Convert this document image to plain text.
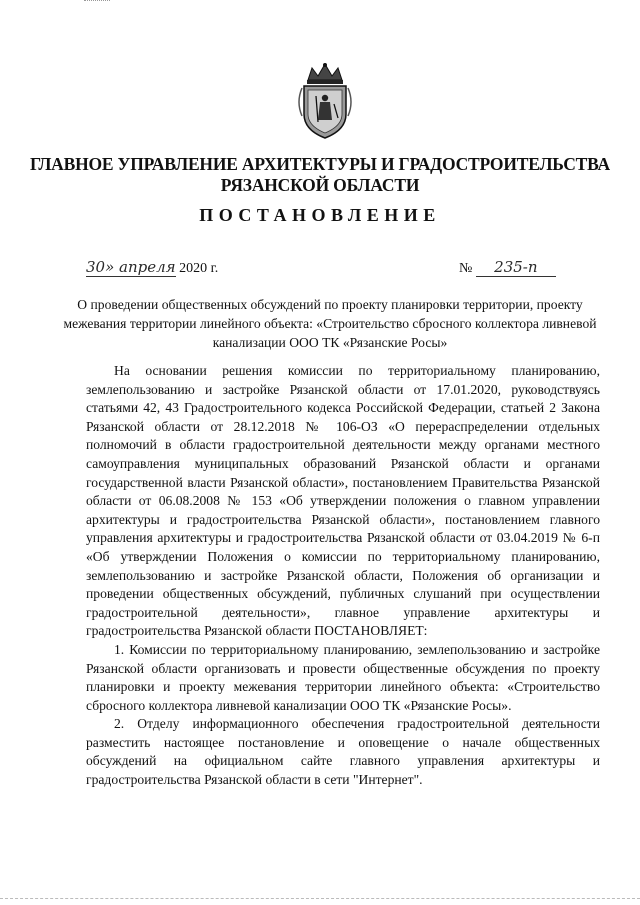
ГЛАВНОЕ УПРАВЛЕНИЕ АРХИТЕКТУРЫ И ГРАДОСТРОИТЕЛЬСТВА
РЯЗАНСКОЙ ОБЛАСТИ
ПОСТАНОВЛЕНИЕ
30» апреля 2020 г.	№ 235-п
О проведении общественных обсуждений по проекту планировки территории, проекту межевания территории линейного объекта: «Строительство сбросного коллектора ливневой канализации ООО ТК «Рязанские Росы»

На основании решения комиссии по территориальному планированию, землепользованию и застройке Рязанской области от 17.01.2020, руководствуясь статьями 42, 43 Градостроительного кодекса Российской Федерации, статьей 2 Закона Рязанской области от 28.12.2018 № 106-ОЗ «О перераспределении отдельных полномочий в области градостроительной деятельности между органами местного самоуправления муниципальных образований Рязанской области и органами государственной власти Рязанской области», постановлением Правительства Рязанской области от 06.08.2008 № 153 «Об утверждении положения о главном управлении архитектуры и градостроительства Рязанской области», постановлением главного управления архитектуры и градостроительства Рязанской области от 03.04.2019 № 6-п «Об утверждении Положения о комиссии по территориальному планированию, землепользованию и застройке Рязанской области, Положения об организации и проведении общественных обсуждений, публичных слушаний при осуществлении градостроительной деятельности», главное управление архитектуры и градостроительства Рязанской области ПОСТАНОВЛЯЕТ:

1. Комиссии по территориальному планированию, землепользованию и застройке Рязанской области организовать и провести общественные обсуждения по проекту планировки и проекту межевания территории линейного объекта: «Строительство сбросного коллектора ливневой канализации ООО ТК «Рязанские Росы».

2. Отделу информационного обеспечения градостроительной деятельности разместить настоящее постановление и оповещение о начале общественных обсуждений на официальном сайте главного управления архитектуры и градостроительства Рязанской области в сети "Интернет".
